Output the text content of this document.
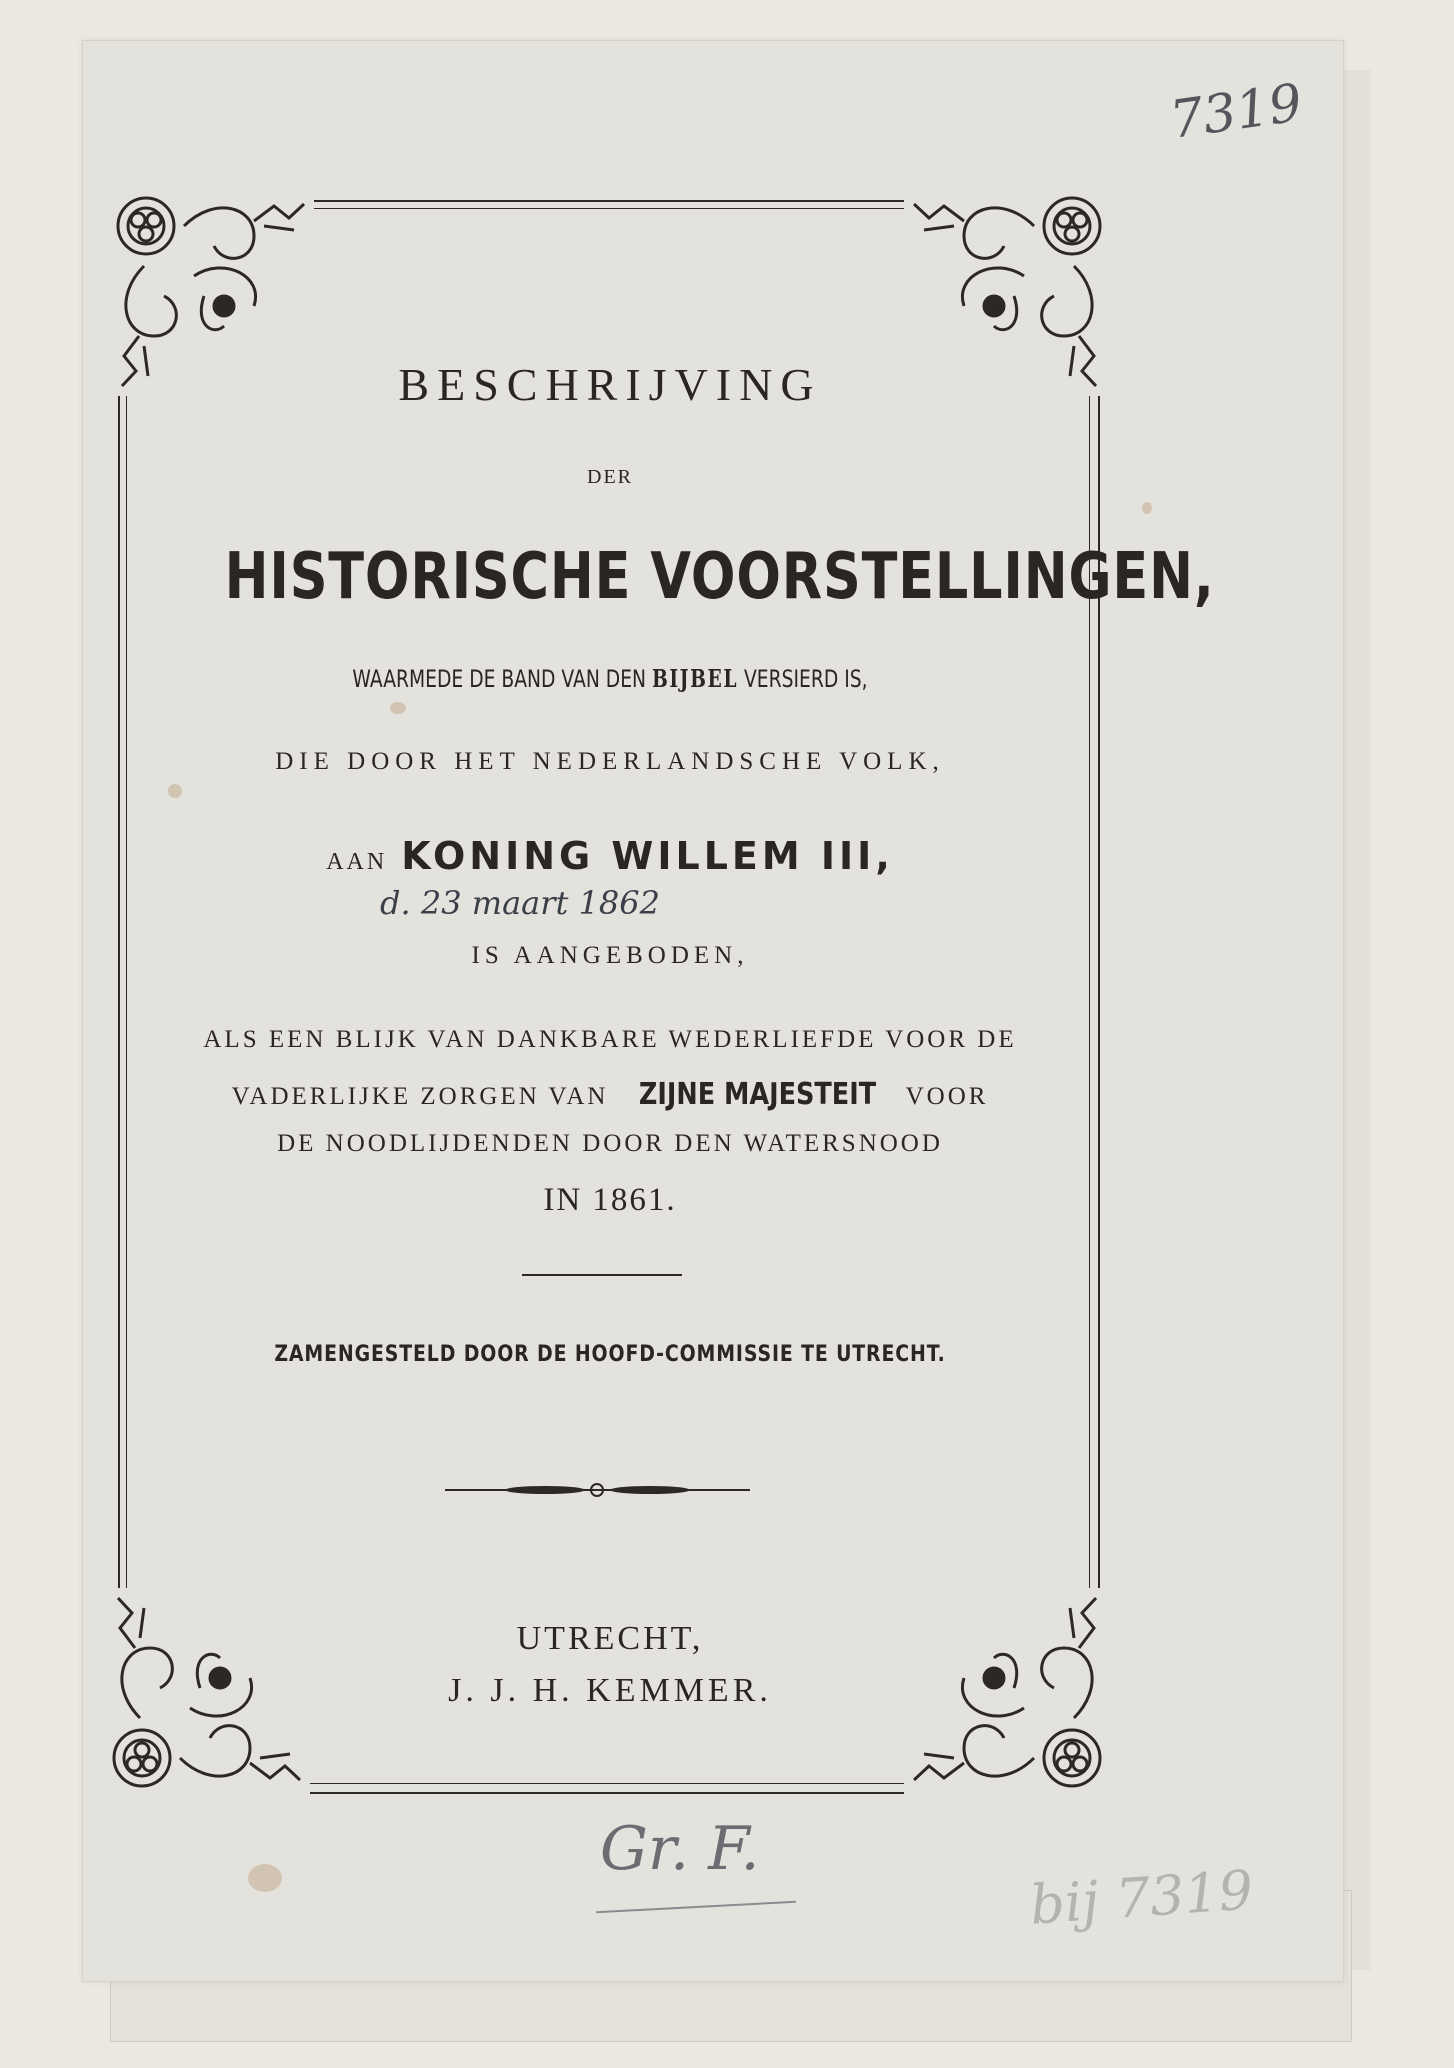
BESCHRIJVING
DER
HISTORISCHE VOORSTELLINGEN,
WAARMEDE DE BAND VAN DEN BIJBEL VERSIERD IS,
DIE DOOR HET NEDERLANDSCHE VOLK,
AAN KONING WILLEM III,
d. 23 maart 1862
IS AANGEBODEN,
ALS EEN BLIJK VAN DANKBARE WEDERLIEFDE VOOR DE
VADERLIJKE ZORGEN VAN ZIJNE MAJESTEIT VOOR
DE NOODLIJDENDEN DOOR DEN WATERSNOOD
IN 1861.
ZAMENGESTELD DOOR DE HOOFD-COMMISSIE TE UTRECHT.
UTRECHT,
J. J. H. KEMMER.
7319
Gr. F.
bij 7319
